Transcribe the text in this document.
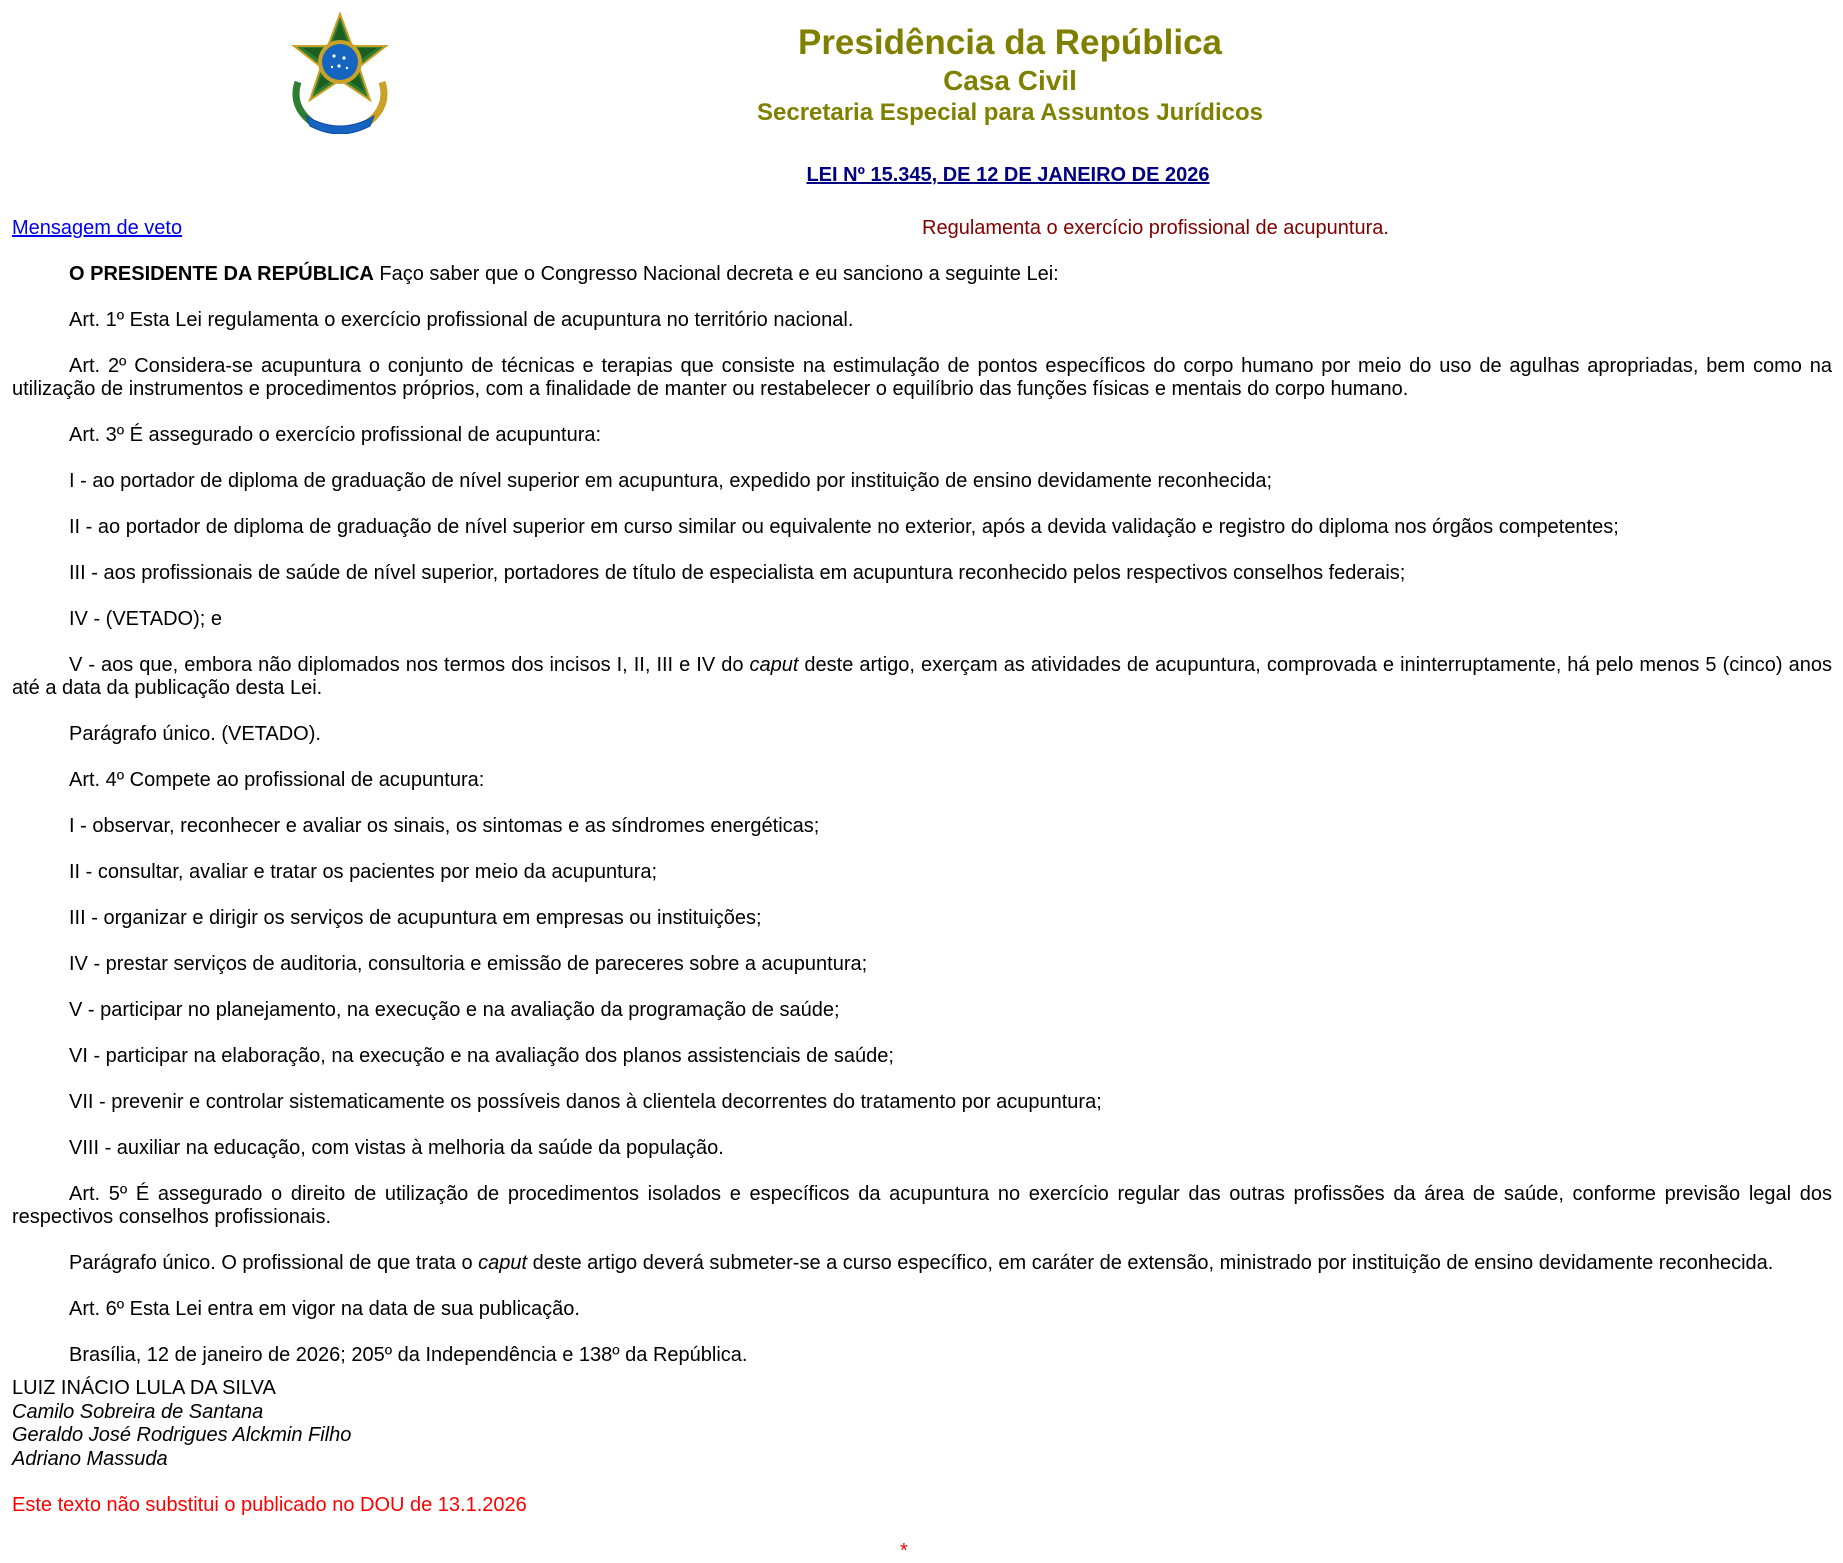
Presidência da República
Casa Civil
Secretaria Especial para Assuntos Jurídicos
LEI Nº 15.345, DE 12 DE JANEIRO DE 2026
Mensagem de veto	Regulamenta o exercício profissional de acupuntura.

O PRESIDENTE DA REPÚBLICA Faço saber que o Congresso Nacional decreta e eu sanciono a seguinte Lei:

Art. 1º Esta Lei regulamenta o exercício profissional de acupuntura no território nacional.

Art. 2º Considera-se acupuntura o conjunto de técnicas e terapias que consiste na estimulação de pontos específicos do corpo humano por meio do uso de agulhas apropriadas, bem como na utilização de instrumentos e procedimentos próprios, com a finalidade de manter ou restabelecer o equilíbrio das funções físicas e mentais do corpo humano.

Art. 3º É assegurado o exercício profissional de acupuntura:

I - ao portador de diploma de graduação de nível superior em acupuntura, expedido por instituição de ensino devidamente reconhecida;

II - ao portador de diploma de graduação de nível superior em curso similar ou equivalente no exterior, após a devida validação e registro do diploma nos órgãos competentes;

III - aos profissionais de saúde de nível superior, portadores de título de especialista em acupuntura reconhecido pelos respectivos conselhos federais;

IV - (VETADO); e

V - aos que, embora não diplomados nos termos dos incisos I, II, III e IV do caput deste artigo, exerçam as atividades de acupuntura, comprovada e ininterruptamente, há pelo menos 5 (cinco) anos até a data da publicação desta Lei.

Parágrafo único. (VETADO).

Art. 4º Compete ao profissional de acupuntura:

I - observar, reconhecer e avaliar os sinais, os sintomas e as síndromes energéticas;

II - consultar, avaliar e tratar os pacientes por meio da acupuntura;

III - organizar e dirigir os serviços de acupuntura em empresas ou instituições;

IV - prestar serviços de auditoria, consultoria e emissão de pareceres sobre a acupuntura;

V - participar no planejamento, na execução e na avaliação da programação de saúde;

VI - participar na elaboração, na execução e na avaliação dos planos assistenciais de saúde;

VII - prevenir e controlar sistematicamente os possíveis danos à clientela decorrentes do tratamento por acupuntura;

VIII - auxiliar na educação, com vistas à melhoria da saúde da população.

Art. 5º É assegurado o direito de utilização de procedimentos isolados e específicos da acupuntura no exercício regular das outras profissões da área de saúde, conforme previsão legal dos respectivos conselhos profissionais.

Parágrafo único. O profissional de que trata o caput deste artigo deverá submeter-se a curso específico, em caráter de extensão, ministrado por instituição de ensino devidamente reconhecida.

Art. 6º Esta Lei entra em vigor na data de sua publicação.

Brasília, 12 de janeiro de 2026; 205º da Independência e 138º da República.

LUIZ INÁCIO LULA DA SILVA
Camilo Sobreira de Santana
Geraldo José Rodrigues Alckmin Filho
Adriano Massuda
Este texto não substitui o publicado no DOU de 13.1.2026
*
